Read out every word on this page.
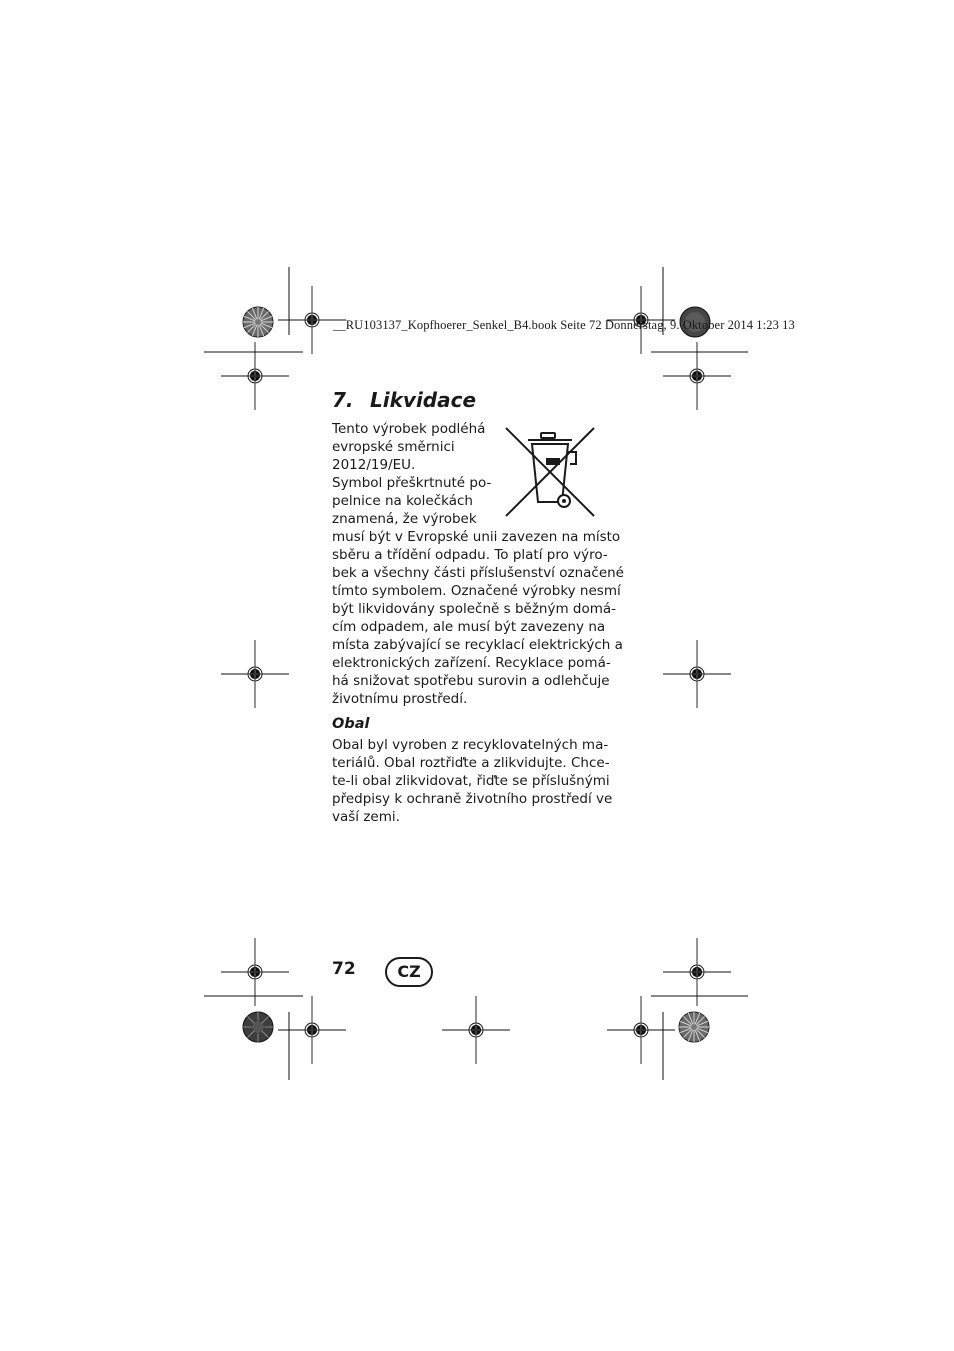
__RU103137_Kopfhoerer_Senkel_B4.book Seite 72 Donnerstag, 9. Oktober 2014 1:23 13
7. Likvidace
Tento výrobek podléhá
evropské směrnici
2012/19/EU.
Symbol přeškrtnuté po-
pelnice na kolečkách
znamená, že výrobek
musí být v Evropské unii zavezen na místo
sběru a třídění odpadu. To platí pro výro-
bek a všechny části příslušenství označené
tímto symbolem. Označené výrobky nesmí
být likvidovány společně s běžným domá-
cím odpadem, ale musí být zavezeny na
místa zabývající se recyklací elektrických a
elektronických zařízení. Recyklace pomá-
há snižovat spotřebu surovin a odlehčuje
životnímu prostředí.
Obal
Obal byl vyroben z recyklovatelných ma-
teriálů. Obal roztřiďte a zlikvidujte. Chce-
te-li obal zlikvidovat, řiďte se příslušnými
předpisy k ochraně životního prostředí ve
vaší zemi.
72	CZ
